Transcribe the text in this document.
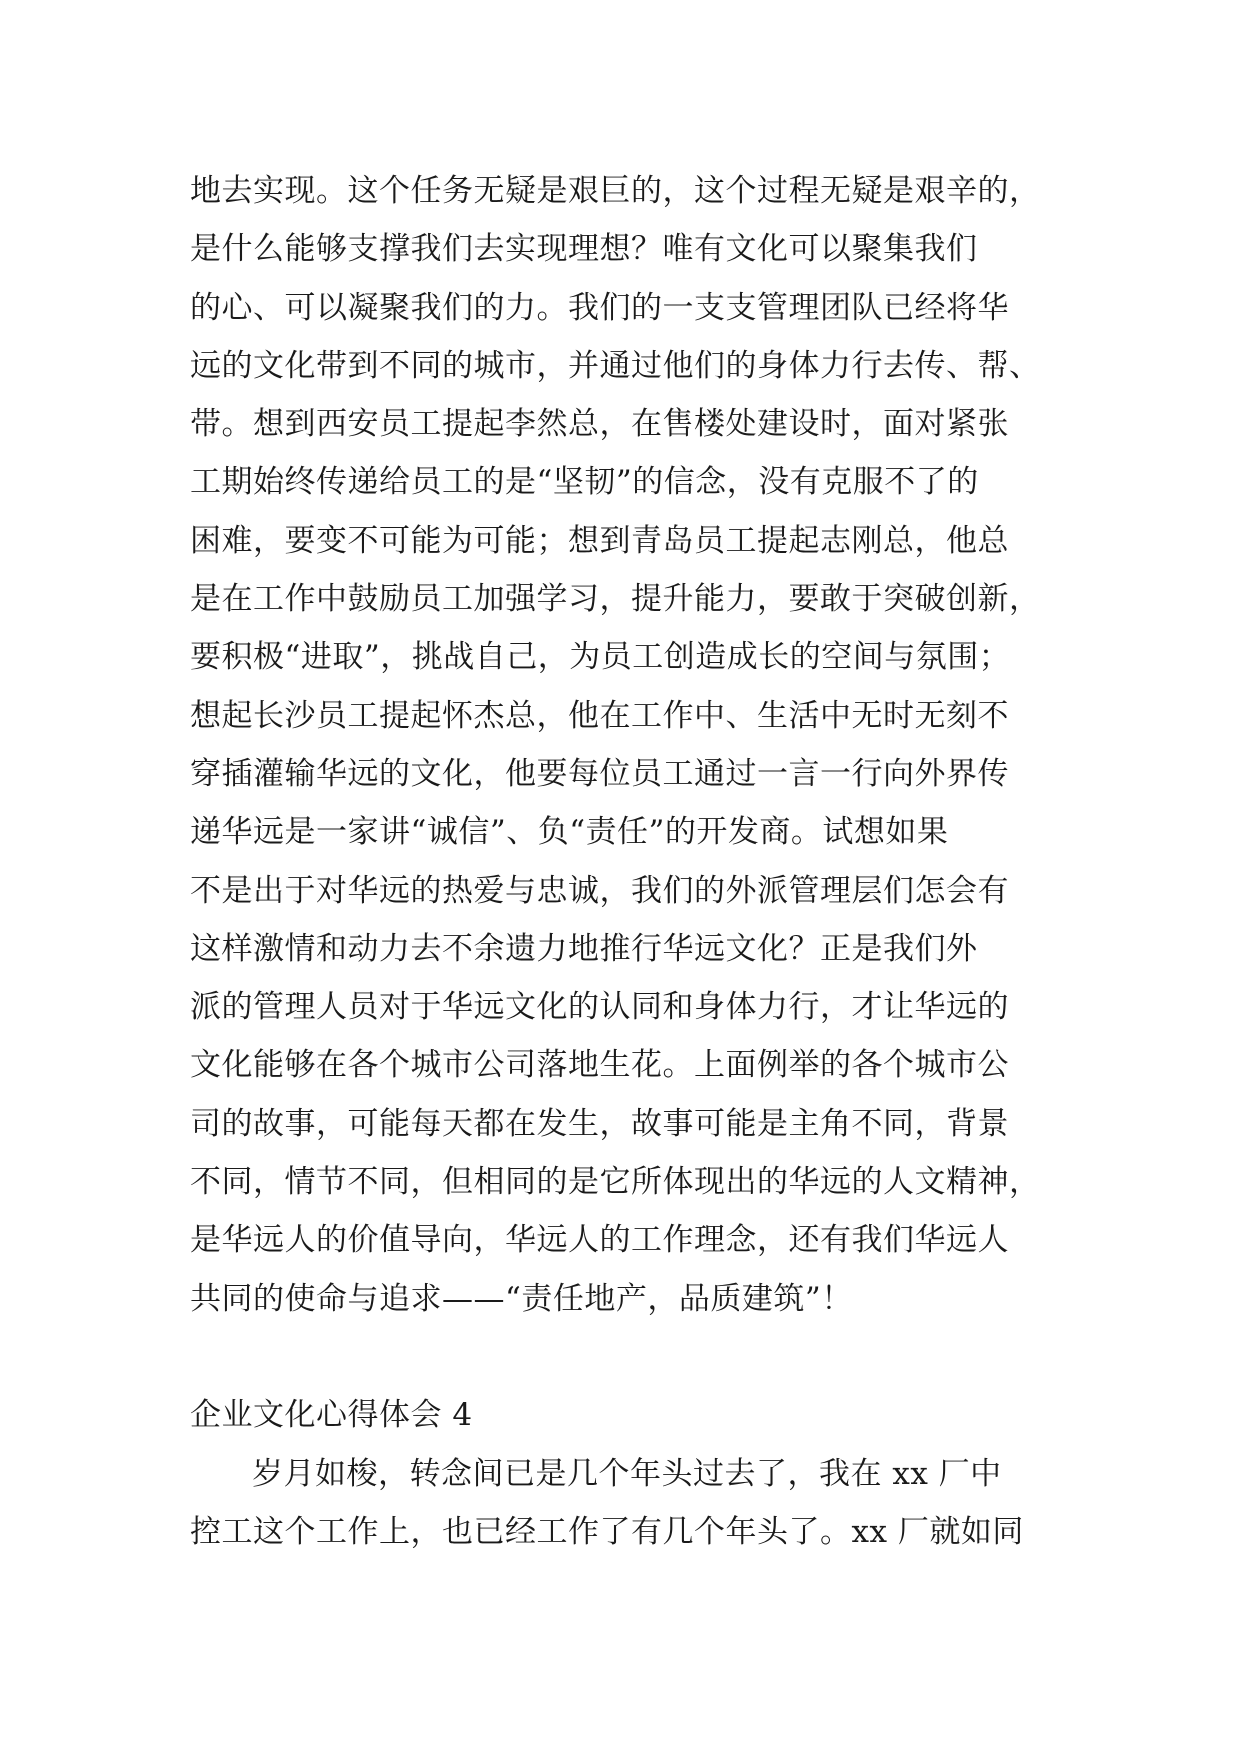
地去实现。这个任务无疑是艰巨的，这个过程无疑是艰辛的，
是什么能够支撑我们去实现理想？唯有文化可以聚集我们
的心、可以凝聚我们的力。我们的一支支管理团队已经将华
远的文化带到不同的城市，并通过他们的身体力行去传、帮、
带。想到西安员工提起李然总，在售楼处建设时，面对紧张
工期始终传递给员工的是“坚韧”的信念，没有克服不了的
困难，要变不可能为可能；想到青岛员工提起志刚总，他总
是在工作中鼓励员工加强学习，提升能力，要敢于突破创新，
要积极“进取”，挑战自己，为员工创造成长的空间与氛围；
想起长沙员工提起怀杰总，他在工作中、生活中无时无刻不
穿插灌输华远的文化，他要每位员工通过一言一行向外界传
递华远是一家讲“诚信”、负“责任”的开发商。试想如果
不是出于对华远的热爱与忠诚，我们的外派管理层们怎会有
这样激情和动力去不余遗力地推行华远文化？正是我们外
派的管理人员对于华远文化的认同和身体力行，才让华远的
文化能够在各个城市公司落地生花。上面例举的各个城市公
司的故事，可能每天都在发生，故事可能是主角不同，背景
不同，情节不同，但相同的是它所体现出的华远的人文精神，
是华远人的价值导向，华远人的工作理念，还有我们华远人
共同的使命与追求——“责任地产，品质建筑”！
企业文化心得体会 4
岁月如梭，转念间已是几个年头过去了，我在 xx 厂中
控工这个工作上，也已经工作了有几个年头了。xx 厂就如同
